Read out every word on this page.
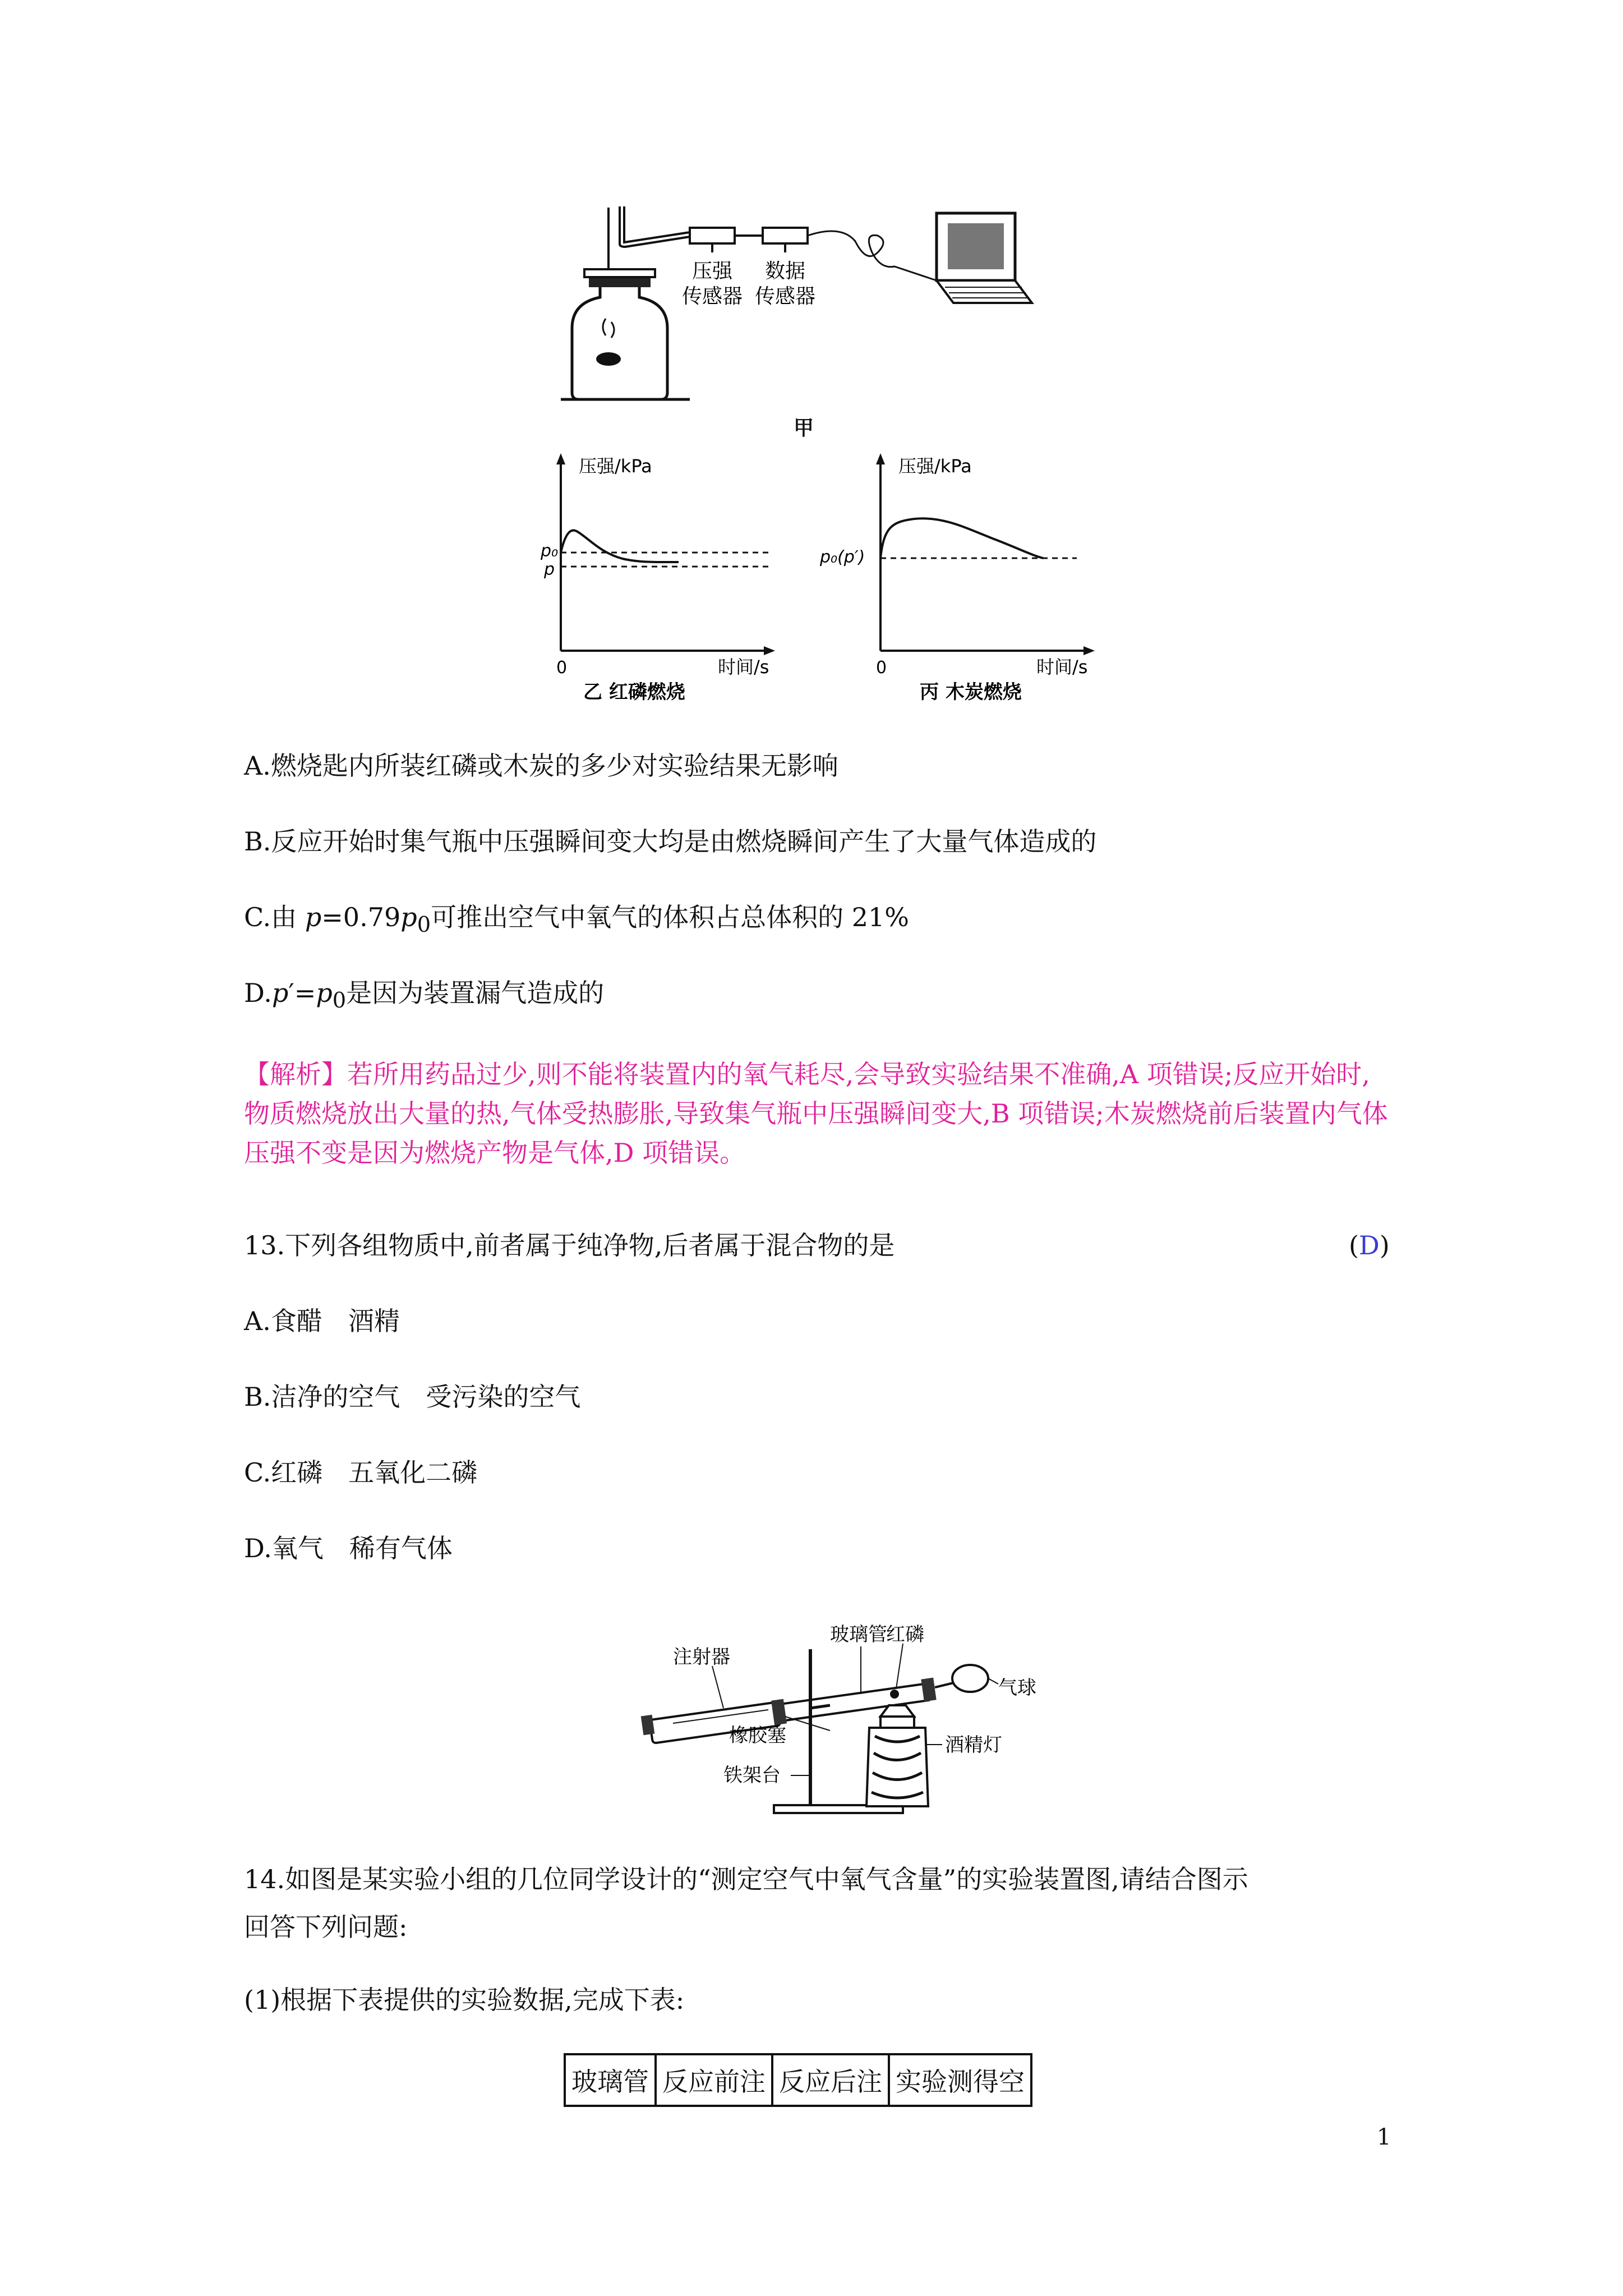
压强
传感器
数据
传感器
甲
压强/kPa
p₀
p
0	时间/s
乙 红磷燃烧
压强/kPa
p₀(p′)
0	时间/s
丙 木炭燃烧
A.燃烧匙内所装红磷或木炭的多少对实验结果无影响
B.反应开始时集气瓶中压强瞬间变大均是由燃烧瞬间产生了大量气体造成的
C.由 $p=0.79p_0$可推出空气中氧气的体积占总体积的 21%
$D.p'=p_0$是因为装置漏气造成的
【解析】若所用药品过少,则不能将装置内的氧气耗尽,会导致实验结果不准确,A 项错误;反应开始时,物质燃烧放出大量的热,气体受热膨胀,导致集气瓶中压强瞬间变大,B 项错误;木炭燃烧前后装置内气体压强不变是因为燃烧产物是气体,D 项错误。
13.下列各组物质中,前者属于纯净物,后者属于混合物的是	(D)
A.食醋　酒精
B.洁净的空气　受污染的空气
C.红磷　五氧化二磷
D.氧气　稀有气体
注射器
玻璃管
红磷
气球
橡胶塞	酒精灯
铁架台
14.如图是某实验小组的几位同学设计的“测定空气中氧气含量”的实验装置图,请结合图示
回答下列问题:
(1)根据下表提供的实验数据,完成下表:
玻璃管	反应前注	反应后注	实验测得空
1
